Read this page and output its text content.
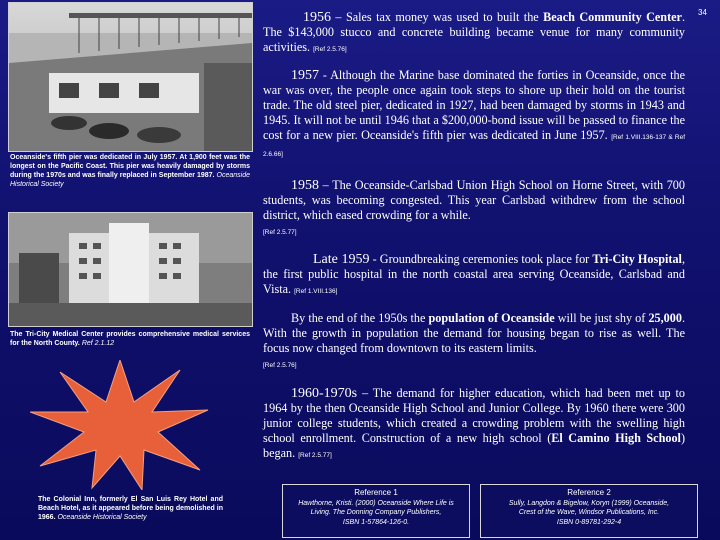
34
Oceanside's fifth pier was dedicated in July 1957. At 1,900 feet was the longest on the Pacific Coast. This pier was heavily damaged by storms during the 1970s and was finally replaced in September 1987. Oceanside Historical Society
The Tri-City Medical Center provides comprehensive medical services for the North County. Ref 2.1.12
The Colonial Inn, formerly El San Luis Rey Hotel and Beach Hotel, as it appeared before being demolished in 1966. Oceanside Historical Society
1956 – Sales tax money was used to built the Beach Community Center. The $143,000 stucco and concrete building became venue for many community activities. [Ref 2.5.76]
1957 - Although the Marine base dominated the forties in Oceanside, once the war was over, the people once again took steps to shore up their hold on the tourist trade. The old steel pier, dedicated in 1927, had been damaged by storms in 1943 and 1945. It will not be until 1946 that a $200,000-bond issue will be passed to finance the cost for a new pier. Oceanside's fifth pier was dedicated in June 1957. [Ref 1.VIII.136-137 & Ref 2.6.66]
1958 – The Oceanside-Carlsbad Union High School on Horne Street, with 700 students, was becoming congested. This year Carlsbad withdrew from the school district, which eased crowding for a while.
[Ref 2.5.77]
Late 1959 - Groundbreaking ceremonies took place for Tri-City Hospital, the first public hospital in the north coastal area serving Oceanside, Carlsbad and Vista. [Ref 1.VIII.136]
By the end of the 1950s the population of Oceanside will be just shy of 25,000. With the growth in population the demand for housing began to rise as well. The focus now changed from downtown to its eastern limits.
[Ref 2.5.76]
1960-1970s – The demand for higher education, which had been met up to 1964 by the then Oceanside High School and Junior College. By 1960 there were 300 junior college students, which created a crowding problem with the swelling high school enrollment. Construction of a new high school (El Camino High School) began. [Ref 2.5.77]
Reference 1
Hawthorne, Kristi. (2000) Oceanside Where Life is
Living. The Donning Company Publishers,
ISBN 1-57864-126-0.
Reference 2
Sully, Langdon & Bigelow, Koryn (1999) Oceanside,
Crest of the Wave, Windsor Publications, Inc.
ISBN 0-89781-292-4
